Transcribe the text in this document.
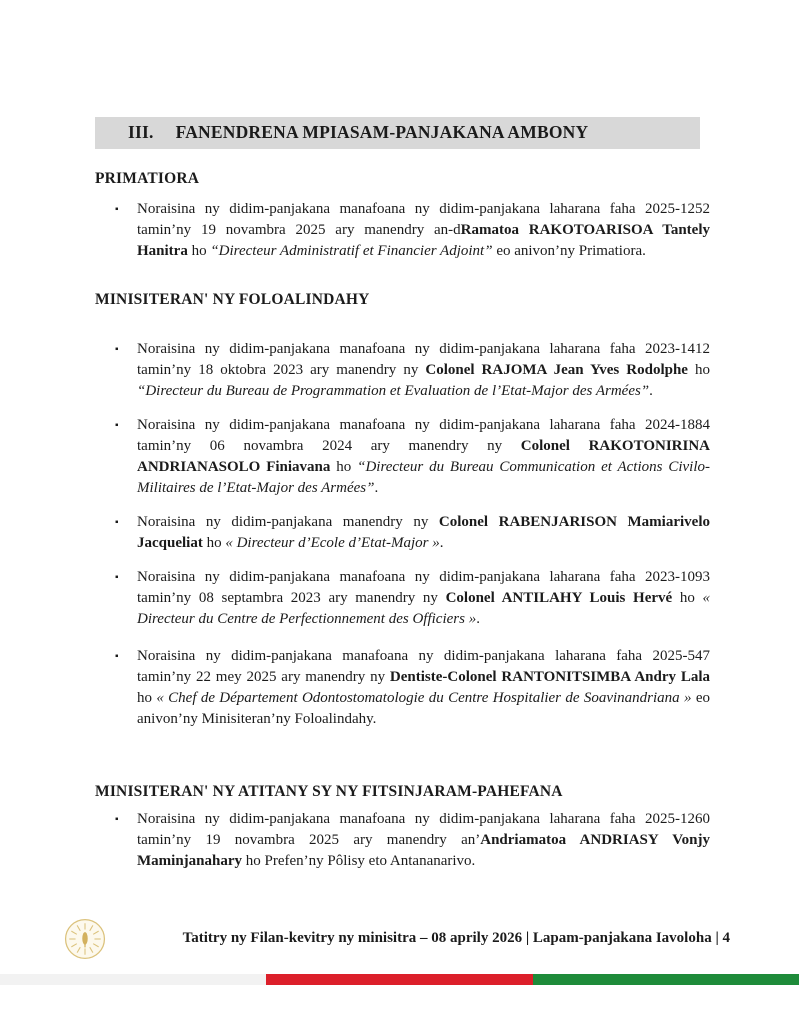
III. FANENDRENA MPIASAM-PANJAKANA AMBONY
PRIMATIORA
▪	Noraisina ny didim-panjakana manafoana ny didim-panjakana laharana faha 2025-1252 tamin’ny 19 novambra 2025 ary manendry an-dRamatoa RAKOTOARISOA Tantely Hanitra ho “Directeur Administratif et Financier Adjoint” eo anivon’ny Primatiora.
MINISITERAN' NY FOLOALINDAHY
▪	Noraisina ny didim-panjakana manafoana ny didim-panjakana laharana faha 2023-1412 tamin’ny 18 oktobra 2023 ary manendry ny Colonel RAJOMA Jean Yves Rodolphe ho “Directeur du Bureau de Programmation et Evaluation de l’Etat-Major des Armées”.
▪	Noraisina ny didim-panjakana manafoana ny didim-panjakana laharana faha 2024-1884 tamin’ny 06 novambra 2024 ary manendry ny Colonel RAKOTONIRINA ANDRIANASOLO Finiavana ho “Directeur du Bureau Communication et Actions Civilo-Militaires de l’Etat-Major des Armées”.
▪	Noraisina ny didim-panjakana manendry ny Colonel RABENJARISON Mamiarivelo Jacqueliat ho « Directeur d’Ecole d’Etat-Major ».
▪	Noraisina ny didim-panjakana manafoana ny didim-panjakana laharana faha 2023-1093 tamin’ny 08 septambra 2023 ary manendry ny Colonel ANTILAHY Louis Hervé ho « Directeur du Centre de Perfectionnement des Officiers ».
▪	Noraisina ny didim-panjakana manafoana ny didim-panjakana laharana faha 2025-547 tamin’ny 22 mey 2025 ary manendry ny Dentiste-Colonel RANTONITSIMBA Andry Lala ho « Chef de Département Odontostomatologie du Centre Hospitalier de Soavinandriana » eo anivon’ny Minisiteran’ny Foloalindahy.
MINISITERAN' NY ATITANY SY NY FITSINJARAM-PAHEFANA
▪	Noraisina ny didim-panjakana manafoana ny didim-panjakana laharana faha 2025-1260 tamin’ny 19 novambra 2025 ary manendry an’Andriamatoa ANDRIASY Vonjy Maminjanahary ho Prefen’ny Pôlisy eto Antananarivo.
Tatitry ny Filan-kevitry ny minisitra – 08 aprily 2026 | Lapam-panjakana Iavoloha | 4
